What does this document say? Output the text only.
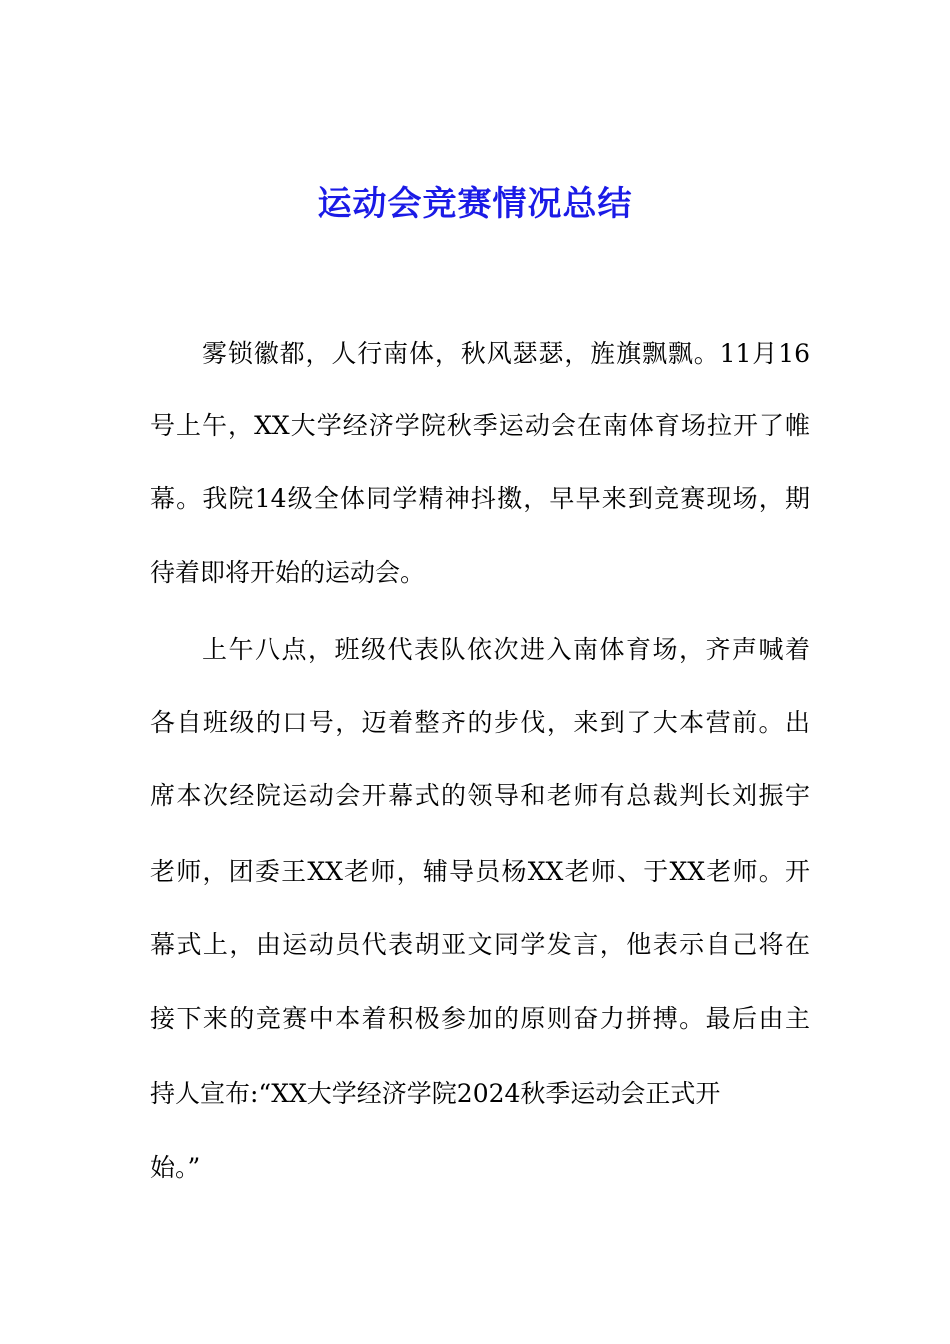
运动会竞赛情况总结
雾锁徽都，人行南体，秋风瑟瑟，旌旗飘飘。11月16
号上午，XX大学经济学院秋季运动会在南体育场拉开了帷
幕。我院14级全体同学精神抖擞，早早来到竞赛现场，期
待着即将开始的运动会。
上午八点，班级代表队依次进入南体育场，齐声喊着
各自班级的口号，迈着整齐的步伐，来到了大本营前。出
席本次经院运动会开幕式的领导和老师有总裁判长刘振宇
老师，团委王XX老师，辅导员杨XX老师、于XX老师。开
幕式上，由运动员代表胡亚文同学发言，他表示自己将在
接下来的竞赛中本着积极参加的原则奋力拼搏。最后由主
持人宣布:“XX大学经济学院2024秋季运动会正式开
始。”
